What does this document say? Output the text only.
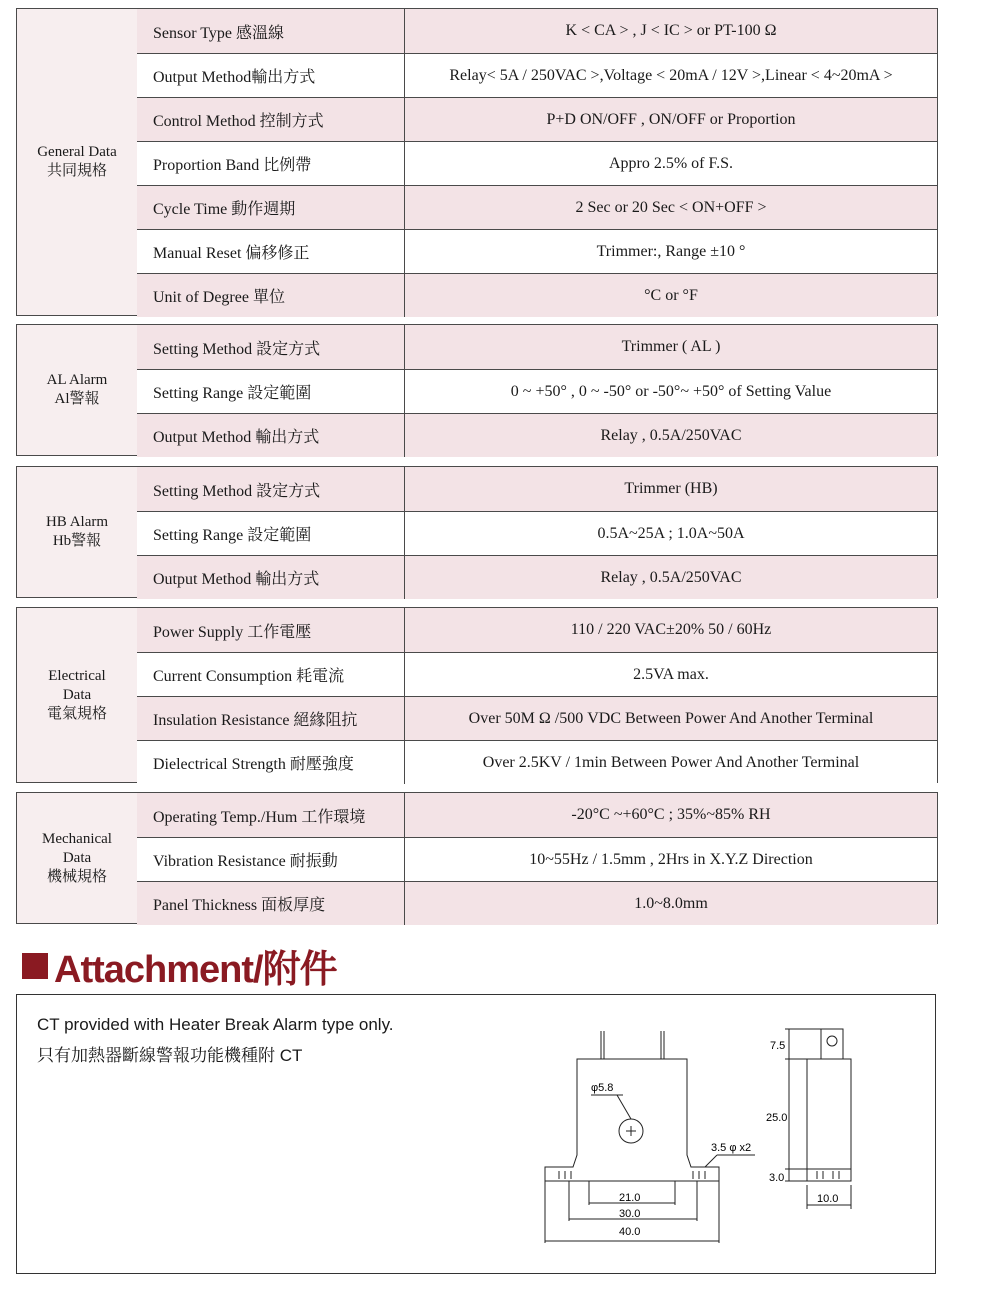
General Data
共同規格
Sensor Type 感溫線	K < CA > , J < IC > or PT-100 Ω
Output Method輸出方式	Relay< 5A / 250VAC >,Voltage < 20mA / 12V >,Linear < 4~20mA >
Control Method 控制方式	P+D ON/OFF , ON/OFF or Proportion
Proportion Band 比例帶	Appro 2.5% of F.S.
Cycle Time 動作週期	2 Sec or 20 Sec < ON+OFF >
Manual Reset 偏移修正	Trimmer:, Range ±10 °
Unit of Degree 單位	°C or °F
AL Alarm
Al警報
Setting Method 設定方式	Trimmer ( AL )
Setting Range 設定範圍	0 ~ +50° , 0 ~ -50° or -50°~ +50° of Setting Value
Output Method 輸出方式	Relay , 0.5A/250VAC
HB Alarm
Hb警報
Setting Method 設定方式	Trimmer (HB)
Setting Range 設定範圍	0.5A~25A ; 1.0A~50A
Output Method 輸出方式	Relay , 0.5A/250VAC
Electrical
Data
電氣規格
Power Supply 工作電壓	110 / 220 VAC±20% 50 / 60Hz
Current Consumption 耗電流	2.5VA max.
Insulation Resistance 絕緣阻抗	Over 50M Ω /500 VDC Between Power And Another Terminal
Dielectrical Strength 耐壓強度	Over 2.5KV / 1min Between Power And Another Terminal
Mechanical
Data
機械規格
Operating Temp./Hum 工作環境	-20°C ~+60°C ; 35%~85% RH
Vibration Resistance 耐振動	10~55Hz / 1.5mm , 2Hrs in X.Y.Z Direction
Panel Thickness 面板厚度	1.0~8.0mm
Attachment/附件
CT provided with Heater Break Alarm type only.
只有加熱器斷線警報功能機種附 CT
φ5.8
3.5 φ x2
21.0
30.0
40.0
7.5
25.0
3.0
10.0
